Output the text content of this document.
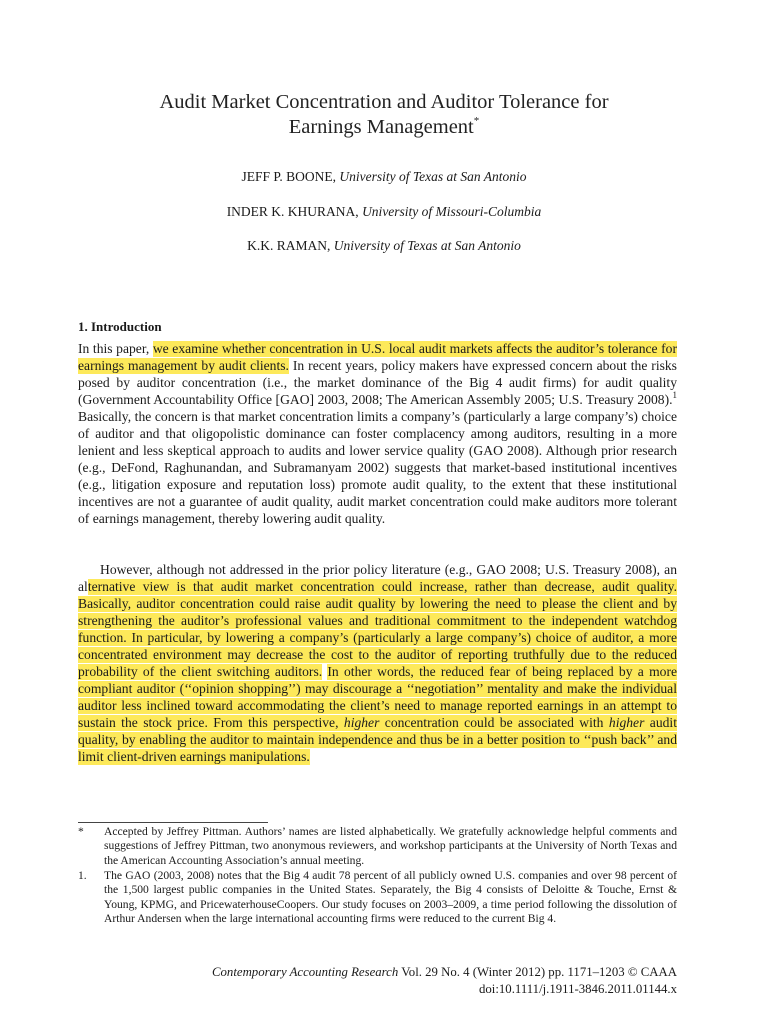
Audit Market Concentration and Auditor Tolerance for
Earnings Management*
JEFF P. BOONE, University of Texas at San Antonio
INDER K. KHURANA, University of Missouri-Columbia
K.K. RAMAN, University of Texas at San Antonio
1. Introduction

In this paper, we examine whether concentration in U.S. local audit markets affects the auditor’s tolerance for earnings management by audit clients. In recent years, policy makers have expressed concern about the risks posed by auditor concentration (i.e., the market dominance of the Big 4 audit firms) for audit quality (Government Accountability Office [GAO] 2003, 2008; The American Assembly 2005; U.S. Treasury 2008).$^1$ Basically, the concern is that market concentration limits a company’s (particularly a large company’s) choice of auditor and that oligopolistic dominance can foster complacency among auditors, resulting in a more lenient and less skeptical approach to audits and lower service quality (GAO 2008). Although prior research (e.g., DeFond, Raghunandan, and Subramanyam 2002) suggests that market-based institutional incentives (e.g., litigation exposure and reputation loss) promote audit quality, to the extent that these institutional incentives are not a guarantee of audit quality, audit market concentration could make auditors more tolerant of earnings management, thereby lowering audit quality.

However, although not addressed in the prior policy literature (e.g., GAO 2008; U.S. Treasury 2008), an alternative view is that audit market concentration could increase, rather than decrease, audit quality. Basically, auditor concentration could raise audit quality by lowering the need to please the client and by strengthening the auditor’s professional values and traditional commitment to the independent watchdog function. In particular, by lowering a company’s (particularly a large company’s) choice of auditor, a more concentrated environment may decrease the cost to the auditor of reporting truthfully due to the reduced probability of the client switching auditors. In other words, the reduced fear of being replaced by a more compliant auditor (‘‘opinion shopping’’) may discourage a ‘‘negotiation’’ mentality and make the individual auditor less inclined toward accommodating the client’s need to manage reported earnings in an attempt to sustain the stock price. From this perspective, higher concentration could be associated with higher audit quality, by enabling the auditor to maintain independence and thus be in a better position to ‘‘push back’’ and limit client-driven earnings manipulations.

*	Accepted by Jeffrey Pittman. Authors’ names are listed alphabetically. We gratefully acknowledge helpful comments and suggestions of Jeffrey Pittman, two anonymous reviewers, and workshop participants at the University of North Texas and the American Accounting Association’s annual meeting.
1.	The GAO (2003, 2008) notes that the Big 4 audit 78 percent of all publicly owned U.S. companies and over 98 percent of the 1,500 largest public companies in the United States. Separately, the Big 4 consists of Deloitte & Touche, Ernst & Young, KPMG, and PricewaterhouseCoopers. Our study focuses on 2003–2009, a time period following the dissolution of Arthur Andersen when the large international accounting firms were reduced to the current Big 4.
Contemporary Accounting Research Vol. 29 No. 4 (Winter 2012) pp. 1171–1203 © CAAA
doi:10.1111/j.1911-3846.2011.01144.x
